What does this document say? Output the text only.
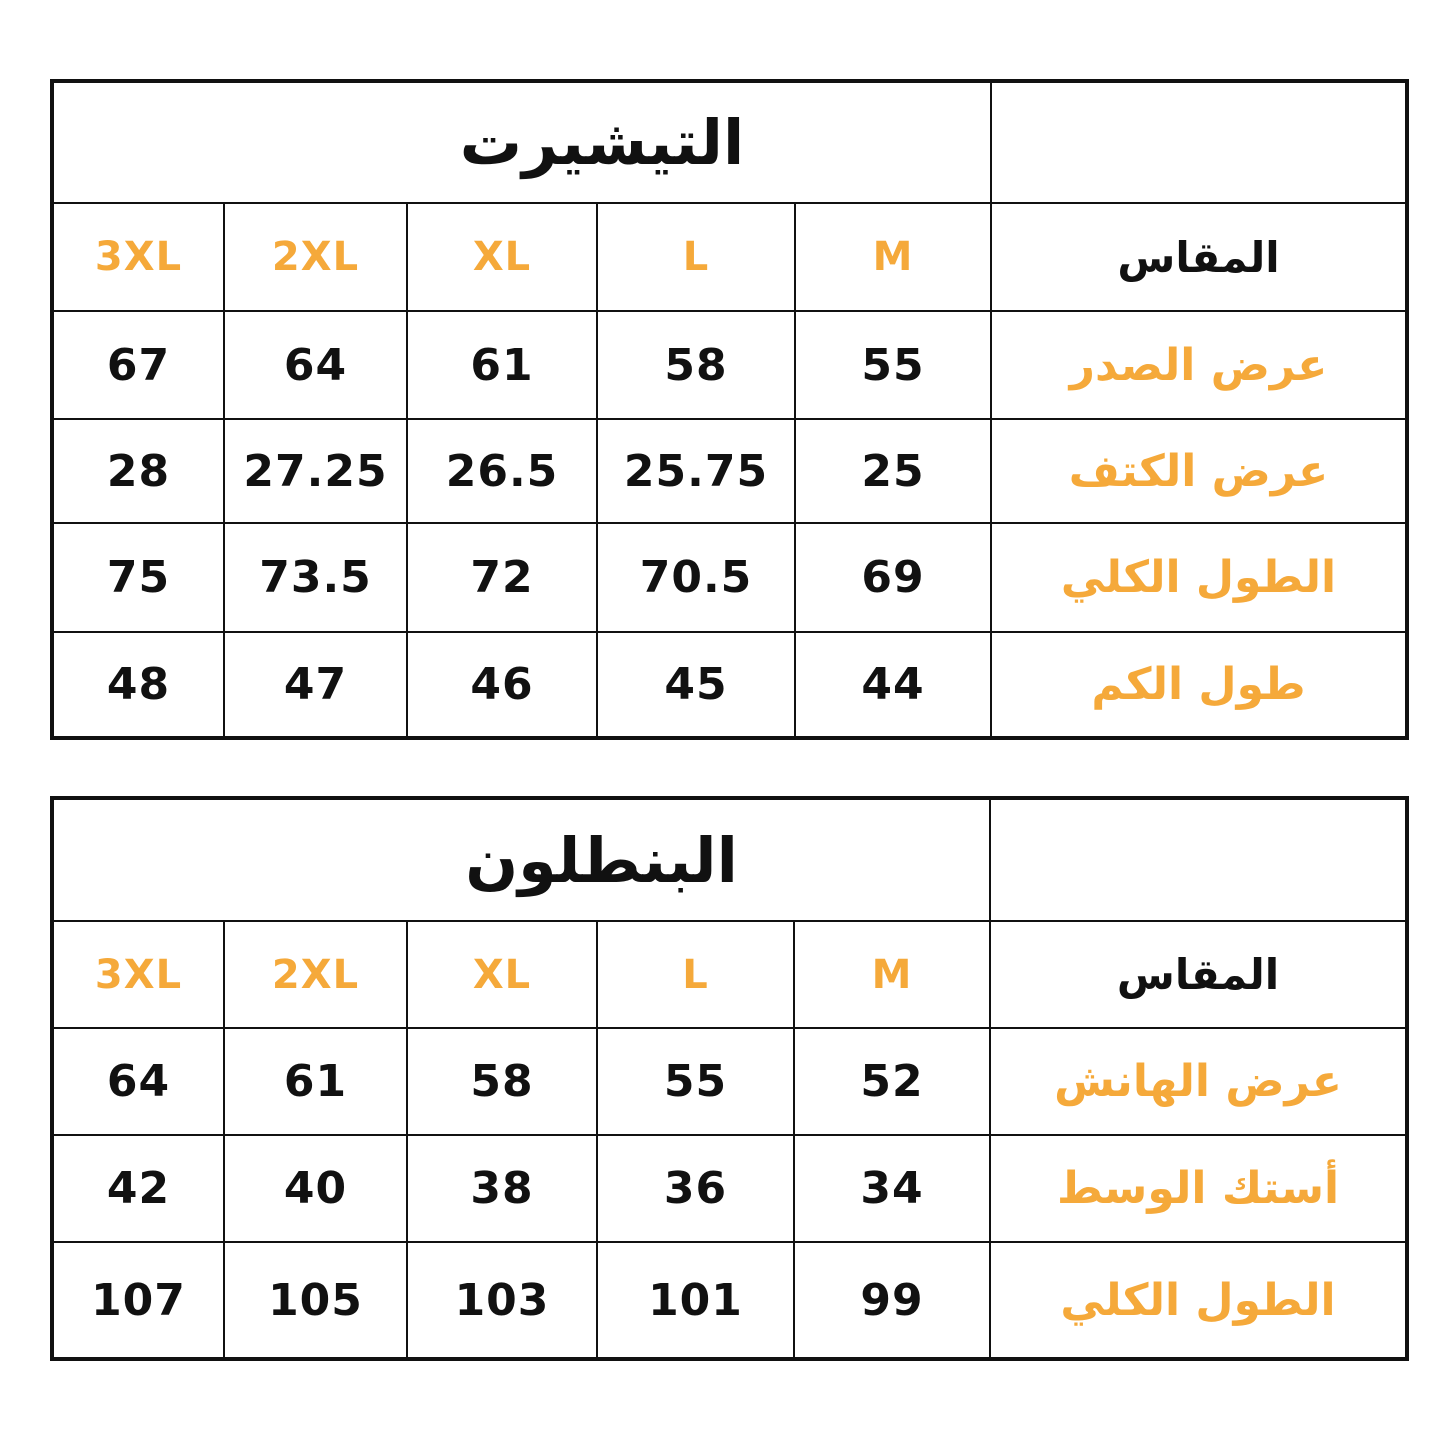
التيشيرت					
3XL	2XL	XL	L	M	المقاس
67	64	61	58	55	عرض الصدر
28	27.25	26.5	25.75	25	عرض الكتف
75	73.5	72	70.5	69	الطول الكلي
48	47	46	45	44	طول الكم
البنطلون					
3XL	2XL	XL	L	M	المقاس
64	61	58	55	52	عرض الهانش
42	40	38	36	34	أستك الوسط
107	105	103	101	99	الطول الكلي
